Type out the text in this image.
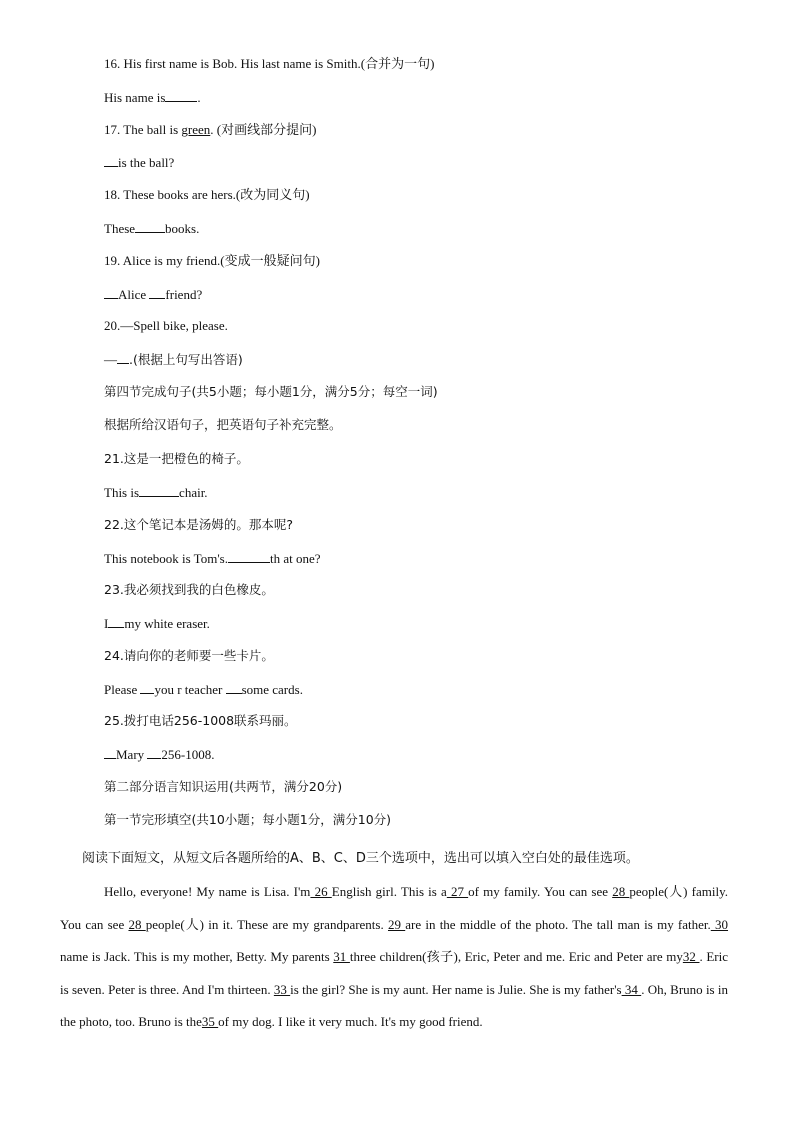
16. His first name is Bob. His last name is Smith.(合并为一句)
His name is .
17. The ball is green. (对画线部分提问)
is the ball?
18. These books are hers.(改为同义句)
These books.
19. Alice is my friend.(变成一般疑问句)
Alice friend?
20.—Spell bike, please.
— .(根据上句写出答语)
第四节完成句子(共5小题；每小题1分，满分5分；每空一词)
根据所给汉语句子，把英语句子补充完整。
21.这是一把橙色的椅子。
This is	chair.
22.这个笔记本是汤姆的。那本呢?
This notebook is Tom's.	th at one?
23.我必须找到我的白色橡皮。
I my white eraser.
24.请向你的老师要一些卡片。
Please you r teacher some cards.
25.拨打电话256-1008联系玛丽。
Mary 256-1008.
第二部分语言知识运用(共两节，满分20分)
第一节完形填空(共10小题；每小题1分，满分10分)
阅读下面短文，从短文后各题所给的A、B、C、D三个选项中，选出可以填入空白处的最佳选项。
Hello, everyone! My name is Lisa. I'm 26 English girl. This is a 27 of my family. You can see 28 people(人) family. You can see 28 people(人) in it. These are my grandparents. 29 are in the middle of the photo. The tall man is my father. 30 name is Jack. This is my mother, Betty. My parents 31 three children(孩子), Eric, Peter and me. Eric and Peter are my32 . Eric is seven. Peter is three. And I'm thirteen. 33 is the girl? She is my aunt. Her name is Julie. She is my father's 34 . Oh, Bruno is in the photo, too. Bruno is the35 of my dog. I like it very much. It's my good friend.
